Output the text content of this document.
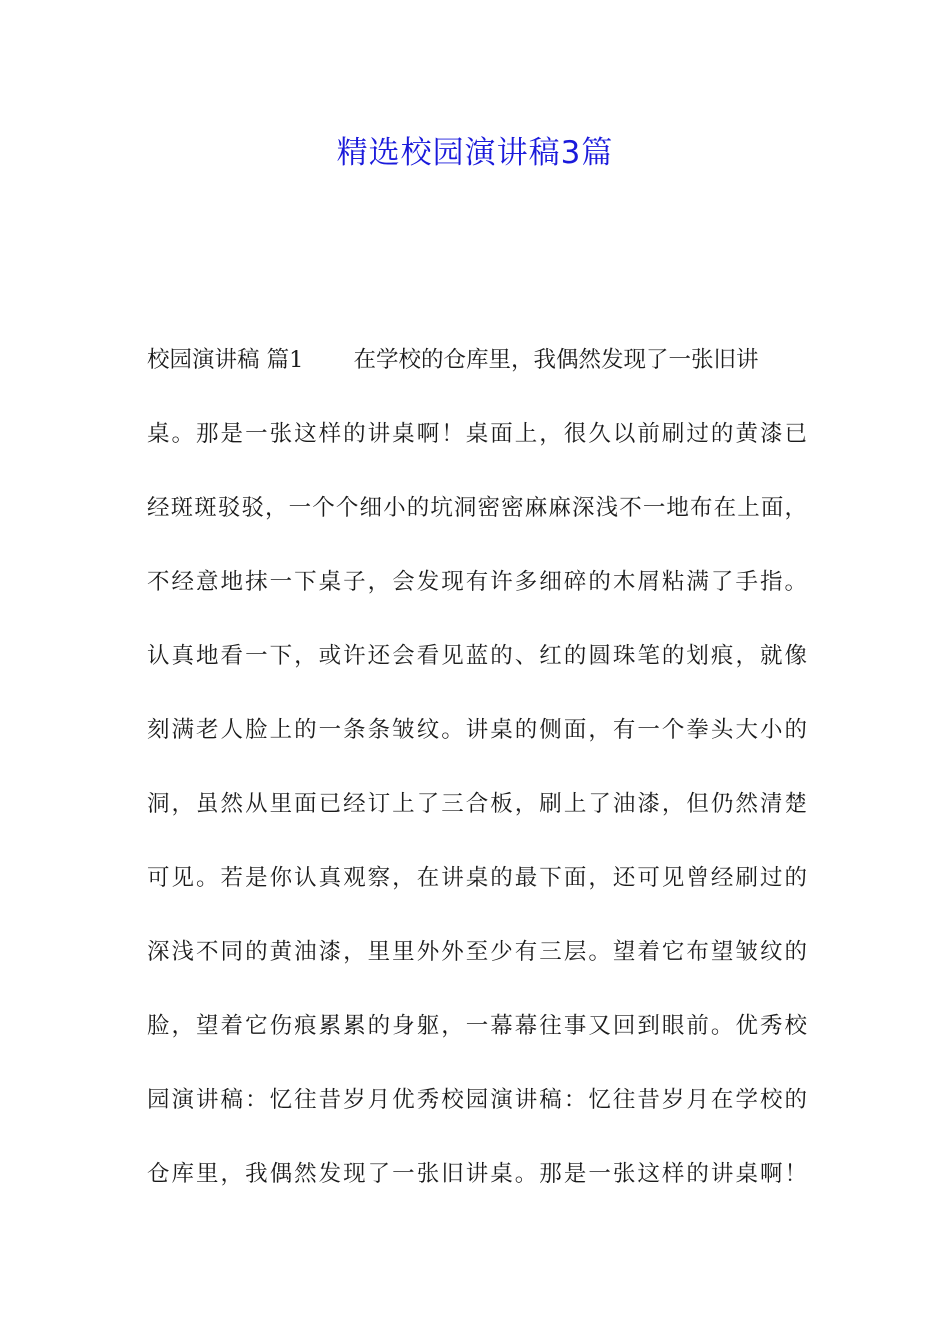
精选校园演讲稿3篇
校园演讲稿 篇1 在学校的仓库里，我偶然发现了一张旧讲
桌。那是一张这样的讲桌啊！桌面上，很久以前刷过的黄漆已
经斑斑驳驳，一个个细小的坑洞密密麻麻深浅不一地布在上面，
不经意地抹一下桌子，会发现有许多细碎的木屑粘满了手指。
认真地看一下，或许还会看见蓝的、红的圆珠笔的划痕，就像
刻满老人脸上的一条条皱纹。讲桌的侧面，有一个拳头大小的
洞，虽然从里面已经订上了三合板，刷上了油漆，但仍然清楚
可见。若是你认真观察，在讲桌的最下面，还可见曾经刷过的
深浅不同的黄油漆，里里外外至少有三层。望着它布望皱纹的
脸，望着它伤痕累累的身躯，一幕幕往事又回到眼前。优秀校
园演讲稿：忆往昔岁月优秀校园演讲稿：忆往昔岁月在学校的
仓库里，我偶然发现了一张旧讲桌。那是一张这样的讲桌啊！
